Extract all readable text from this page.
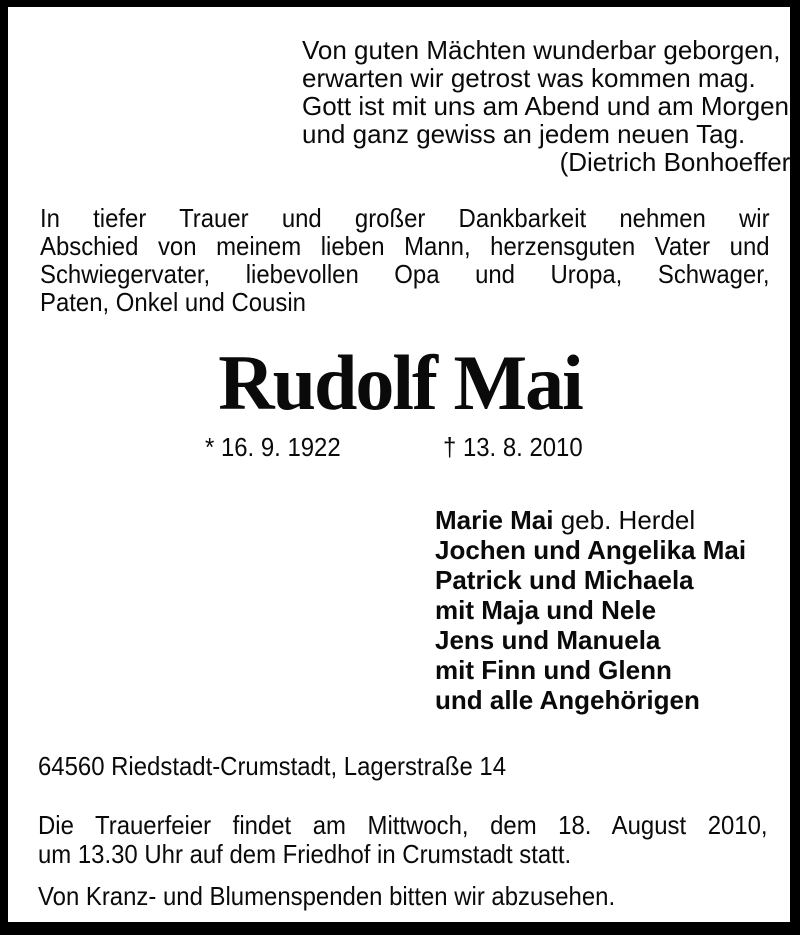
Von guten Mächten wunderbar geborgen,
erwarten wir getrost was kommen mag.
Gott ist mit uns am Abend und am Morgen
und ganz gewiss an jedem neuen Tag.
(Dietrich Bonhoeffer)
In tiefer Trauer und großer Dankbarkeit nehmen wir
Abschied von meinem lieben Mann, herzensguten Vater und
Schwiegervater, liebevollen Opa und Uropa, Schwager,
Paten, Onkel und Cousin
Rudolf Mai
* 16. 9. 1922	† 13. 8. 2010
Marie Mai geb. Herdel
Jochen und Angelika Mai
Patrick und Michaela
mit Maja und Nele
Jens und Manuela
mit Finn und Glenn
und alle Angehörigen
64560 Riedstadt-Crumstadt, Lagerstraße 14
Die Trauerfeier findet am Mittwoch, dem 18. August 2010,
um 13.30 Uhr auf dem Friedhof in Crumstadt statt.
Von Kranz- und Blumenspenden bitten wir abzusehen.
